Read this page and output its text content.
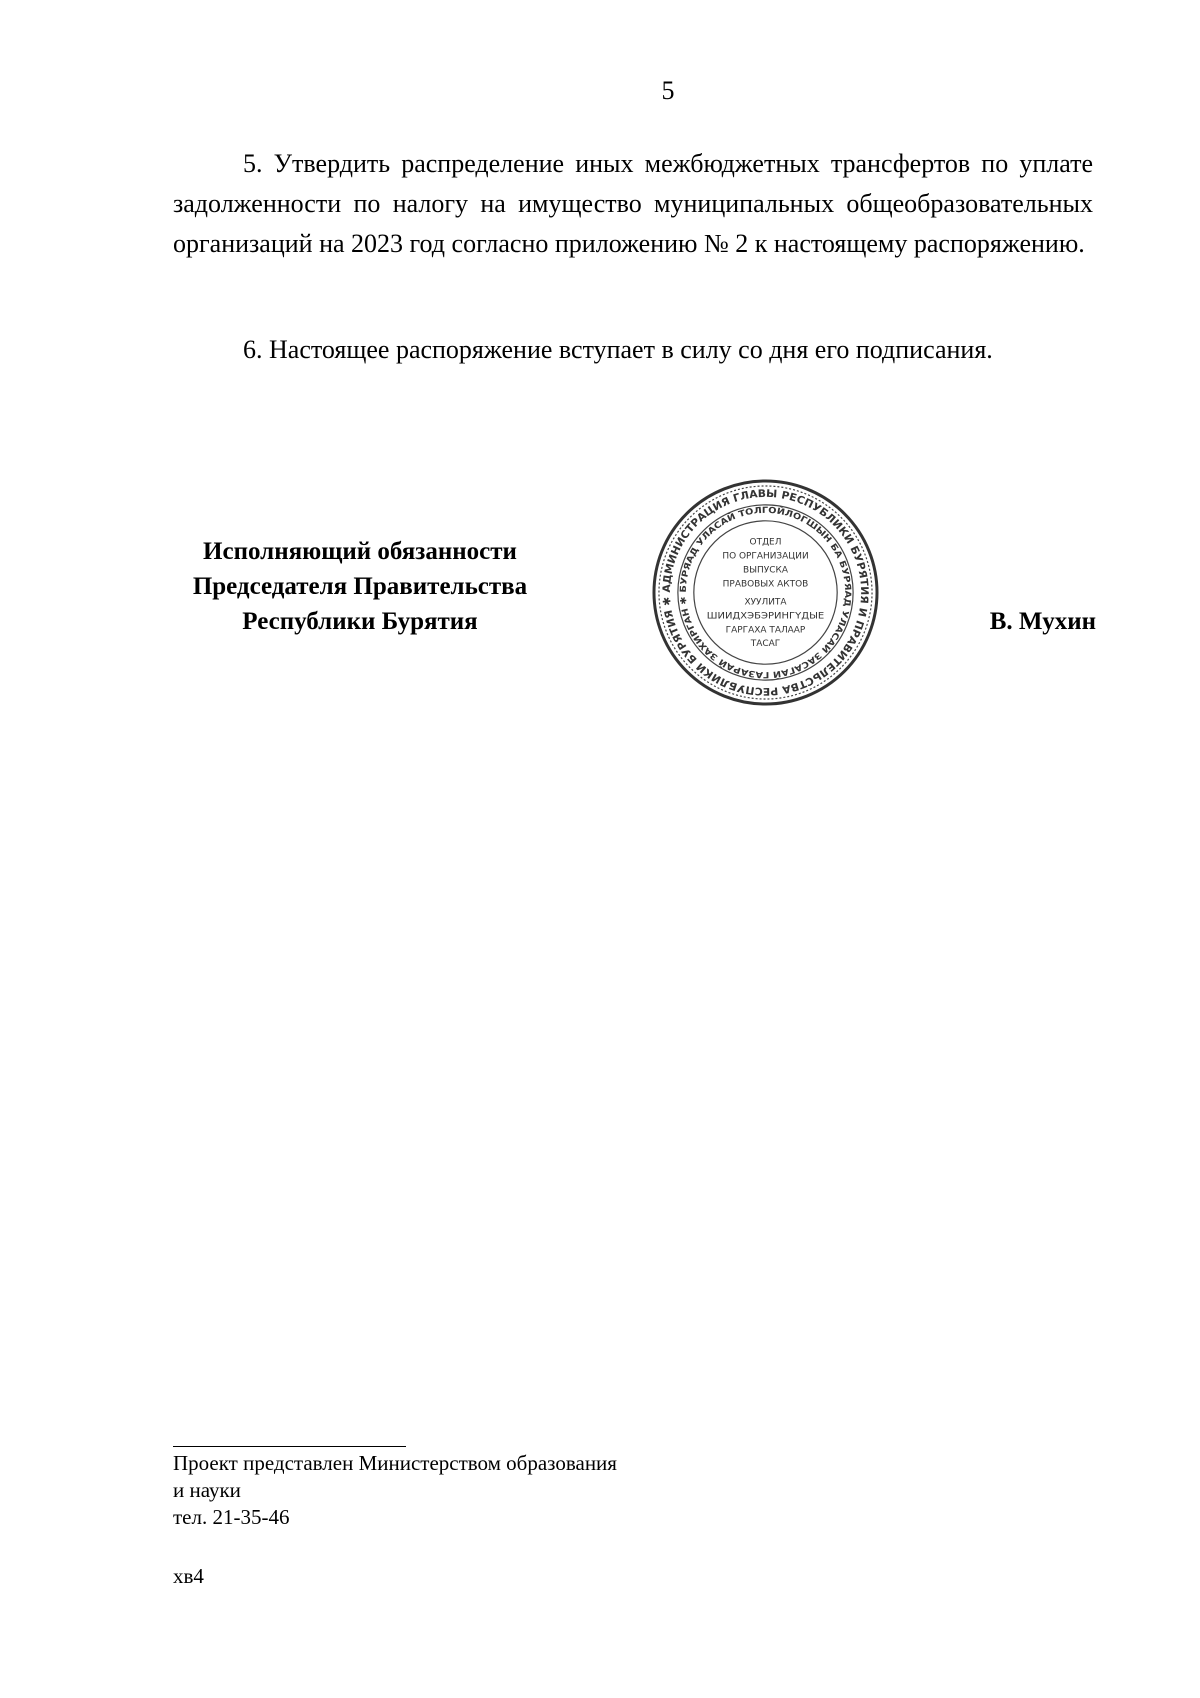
5

5. Утвердить распределение иных межбюджетных трансфертов по уплате задолженности по налогу на имущество муниципальных общеобразовательных организаций на 2023 год согласно приложению № 2 к настоящему распоряжению.

6. Настоящее распоряжение вступает в силу со дня его подписания.

Исполняющий обязанности
Председателя Правительства
Республики Бурятия
АДМИНИСТРАЦИЯ ГЛАВЫ РЕСПУБЛИКИ БУРЯТИЯ И ПРАВИТЕЛЬСТВА РЕСПУБЛИКИ БУРЯТИЯ ✱
БУРЯАД УЛАСАЙ ТОЛГОЙЛОГШЫН БА БУРЯАД УЛАСАЙ ЗАСАГАЙ ГАЗАРАЙ ЗАХИРГАН ✱
ОТДЕЛ
ПО ОРГАНИЗАЦИИ
ВЫПУСКА
ПРАВОВЫХ АКТОВ
ХУУЛИТА
ШИИДХЭБЭРИНГҮДЫЕ
ГАРГАХА ТАЛААР
ТАСАГ
В. Мухин
Проект представлен Министерством образования
и науки
тел. 21-35-46
хв4
